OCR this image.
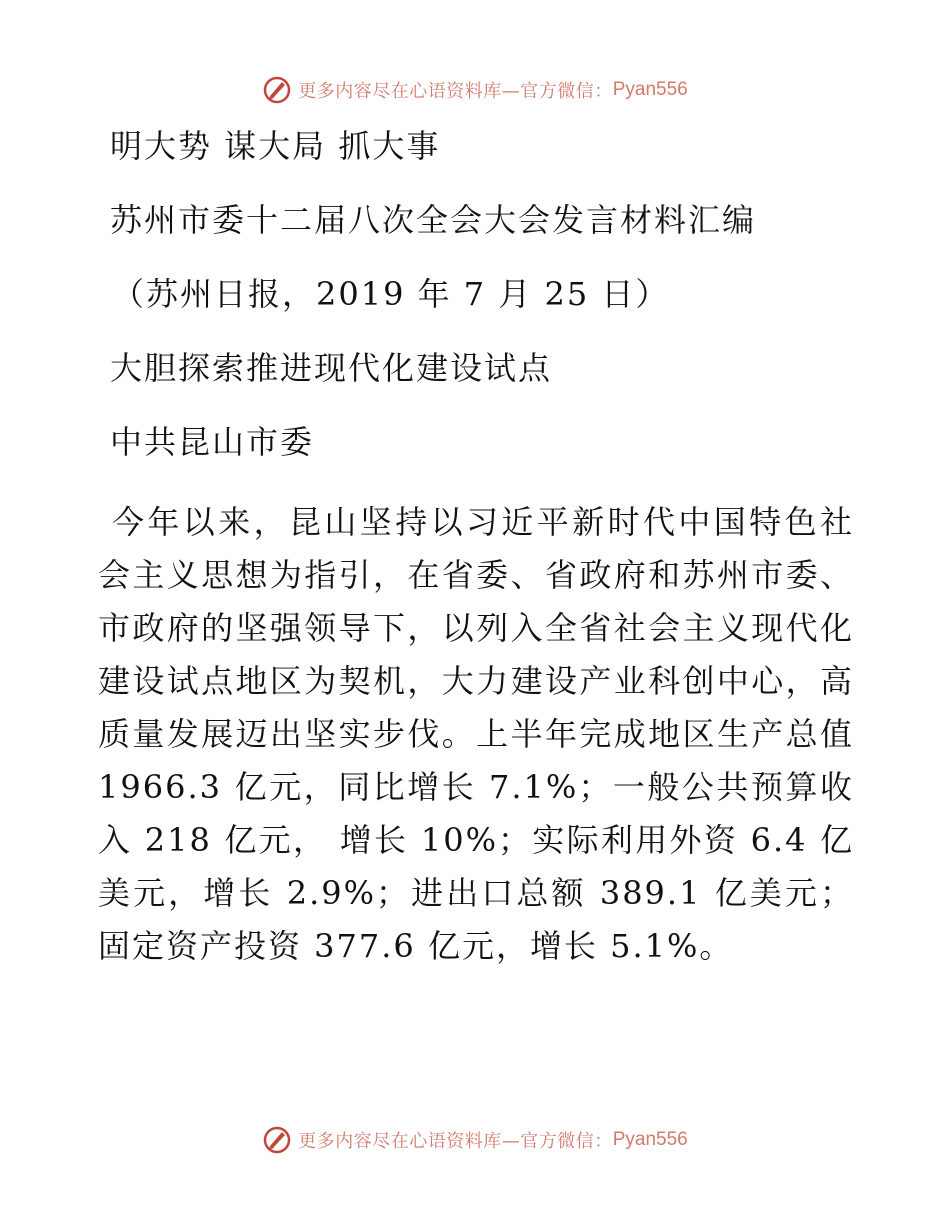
更多内容尽在心语资料库—官方微信： Pyan556
明大势 谋大局 抓大事
苏州市委十二届八次全会大会发言材料汇编
（苏州日报，2019 年 7 月 25 日）
大胆探索推进现代化建设试点
中共昆山市委
今年以来，昆山坚持以习近平新时代中国特色社会主义思想为指引，在省委、省政府和苏州市委、市政府的坚强领导下，以列入全省社会主义现代化建设试点地区为契机，大力建设产业科创中心，高质量发展迈出坚实步伐。上半年完成地区生产总值 1966.3 亿元，同比增长 7.1%；一般公共预算收入 218 亿元， 增长 10%；实际利用外资 6.4 亿美元，增长 2.9%；进出口总额 389.1 亿美元；固定资产投资 377.6 亿元，增长 5.1%。
更多内容尽在心语资料库—官方微信： Pyan556
